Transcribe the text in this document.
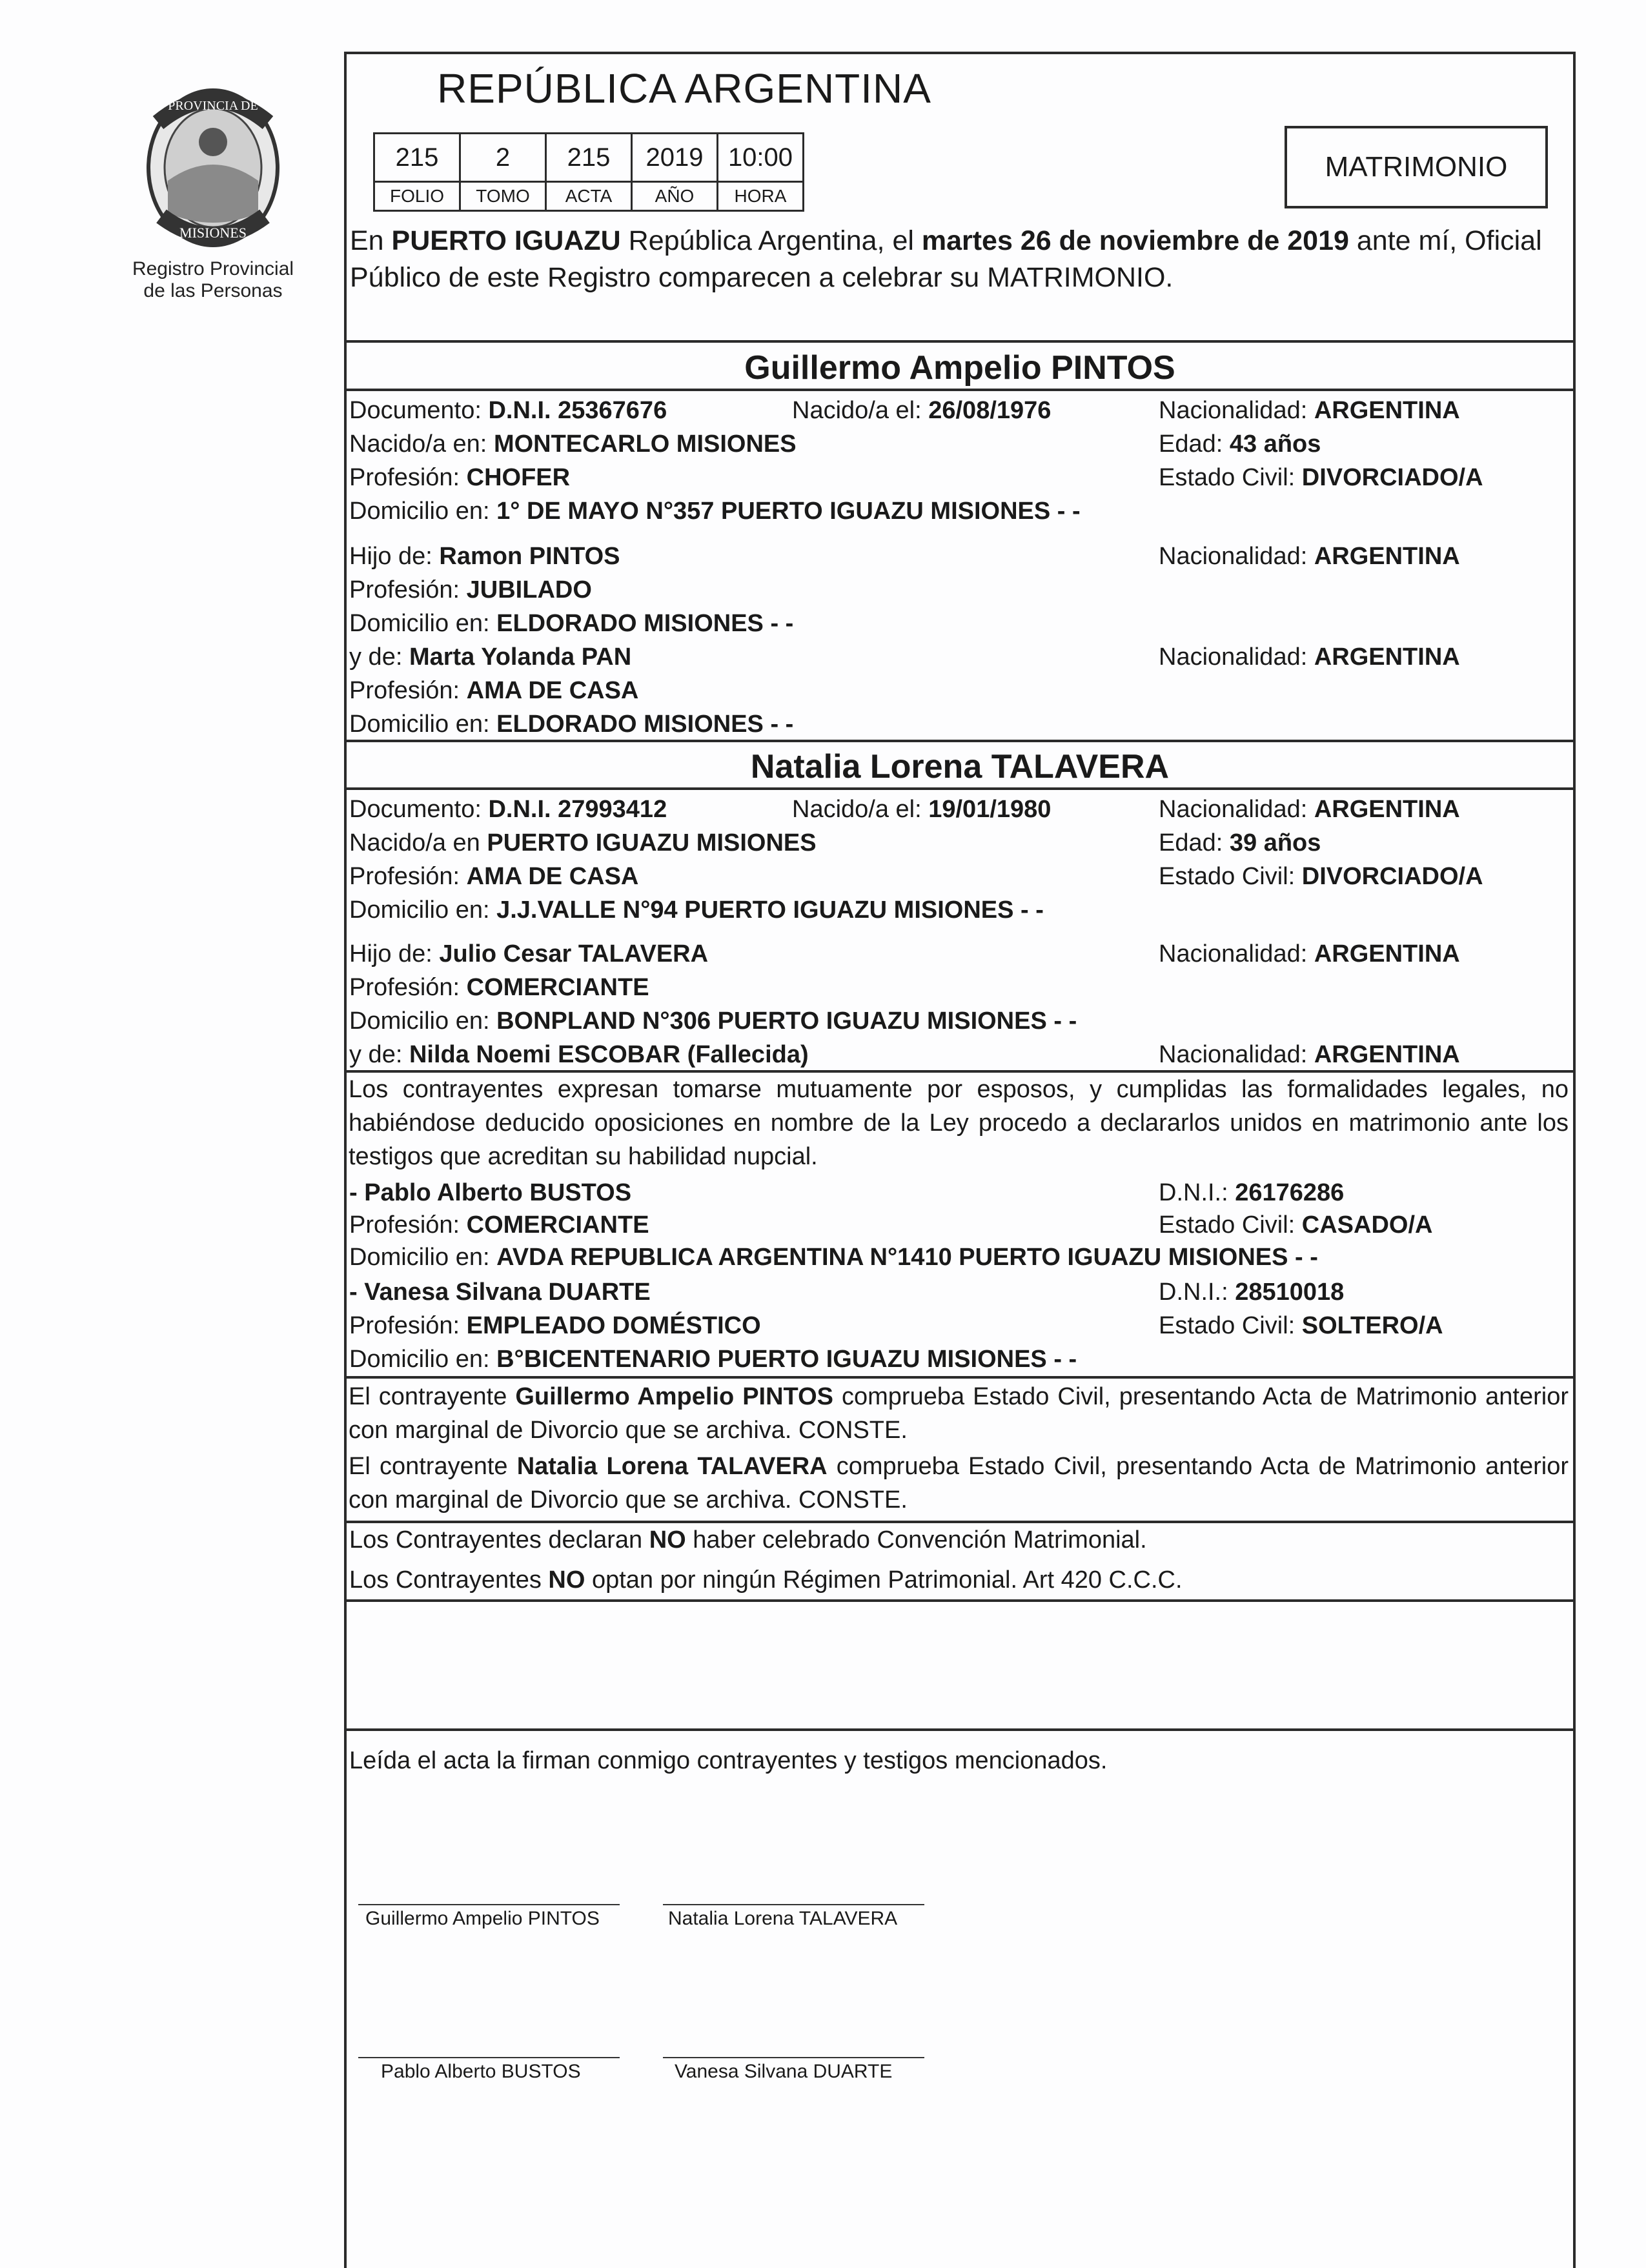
PROVINCIA DE
MISIONES
Registro Provincial
de las Personas
REPÚBLICA ARGENTINA
215	2	215	2019	10:00
FOLIO	TOMO	ACTA	AÑO	HORA
MATRIMONIO
En PUERTO IGUAZU República Argentina, el martes 26 de noviembre de 2019 ante mí, Oficial Público de este Registro comparecen a celebrar su MATRIMONIO.
Guillermo Ampelio PINTOS
Documento: D.N.I. 25367676	Nacido/a el: 26/08/1976	Nacionalidad: ARGENTINA
Nacido/a en: MONTECARLO MISIONES	Edad: 43 años
Profesión: CHOFER	Estado Civil: DIVORCIADO/A
Domicilio en: 1° DE MAYO N°357 PUERTO IGUAZU MISIONES - -
Hijo de: Ramon PINTOS	Nacionalidad: ARGENTINA
Profesión: JUBILADO
Domicilio en: ELDORADO MISIONES - -
y de: Marta Yolanda PAN	Nacionalidad: ARGENTINA
Profesión: AMA DE CASA
Domicilio en: ELDORADO MISIONES - -
Natalia Lorena TALAVERA
Documento: D.N.I. 27993412	Nacido/a el: 19/01/1980	Nacionalidad: ARGENTINA
Nacido/a en PUERTO IGUAZU MISIONES	Edad: 39 años
Profesión: AMA DE CASA	Estado Civil: DIVORCIADO/A
Domicilio en: J.J.VALLE N°94 PUERTO IGUAZU MISIONES - -
Hijo de: Julio Cesar TALAVERA	Nacionalidad: ARGENTINA
Profesión: COMERCIANTE
Domicilio en: BONPLAND N°306 PUERTO IGUAZU MISIONES - -
y de: Nilda Noemi ESCOBAR (Fallecida)	Nacionalidad: ARGENTINA
Los contrayentes expresan tomarse mutuamente por esposos, y cumplidas las formalidades legales, no habiéndose deducido oposiciones en nombre de la Ley procedo a declararlos unidos en matrimonio ante los testigos que acreditan su habilidad nupcial.
- Pablo Alberto BUSTOS	D.N.I.: 26176286
Profesión: COMERCIANTE	Estado Civil: CASADO/A
Domicilio en: AVDA REPUBLICA ARGENTINA N°1410 PUERTO IGUAZU MISIONES - -
- Vanesa Silvana DUARTE	D.N.I.: 28510018
Profesión: EMPLEADO DOMÉSTICO	Estado Civil: SOLTERO/A
Domicilio en: B°BICENTENARIO PUERTO IGUAZU MISIONES - -
El contrayente Guillermo Ampelio PINTOS comprueba Estado Civil, presentando Acta de Matrimonio anterior con marginal de Divorcio que se archiva. CONSTE.
El contrayente Natalia Lorena TALAVERA comprueba Estado Civil, presentando Acta de Matrimonio anterior con marginal de Divorcio que se archiva. CONSTE.
Los Contrayentes declaran NO haber celebrado Convención Matrimonial.
Los Contrayentes NO optan por ningún Régimen Patrimonial. Art 420 C.C.C.
Leída el acta la firman conmigo contrayentes y testigos mencionados.
Guillermo Ampelio PINTOS	Natalia Lorena TALAVERA
Pablo Alberto BUSTOS	Vanesa Silvana DUARTE
